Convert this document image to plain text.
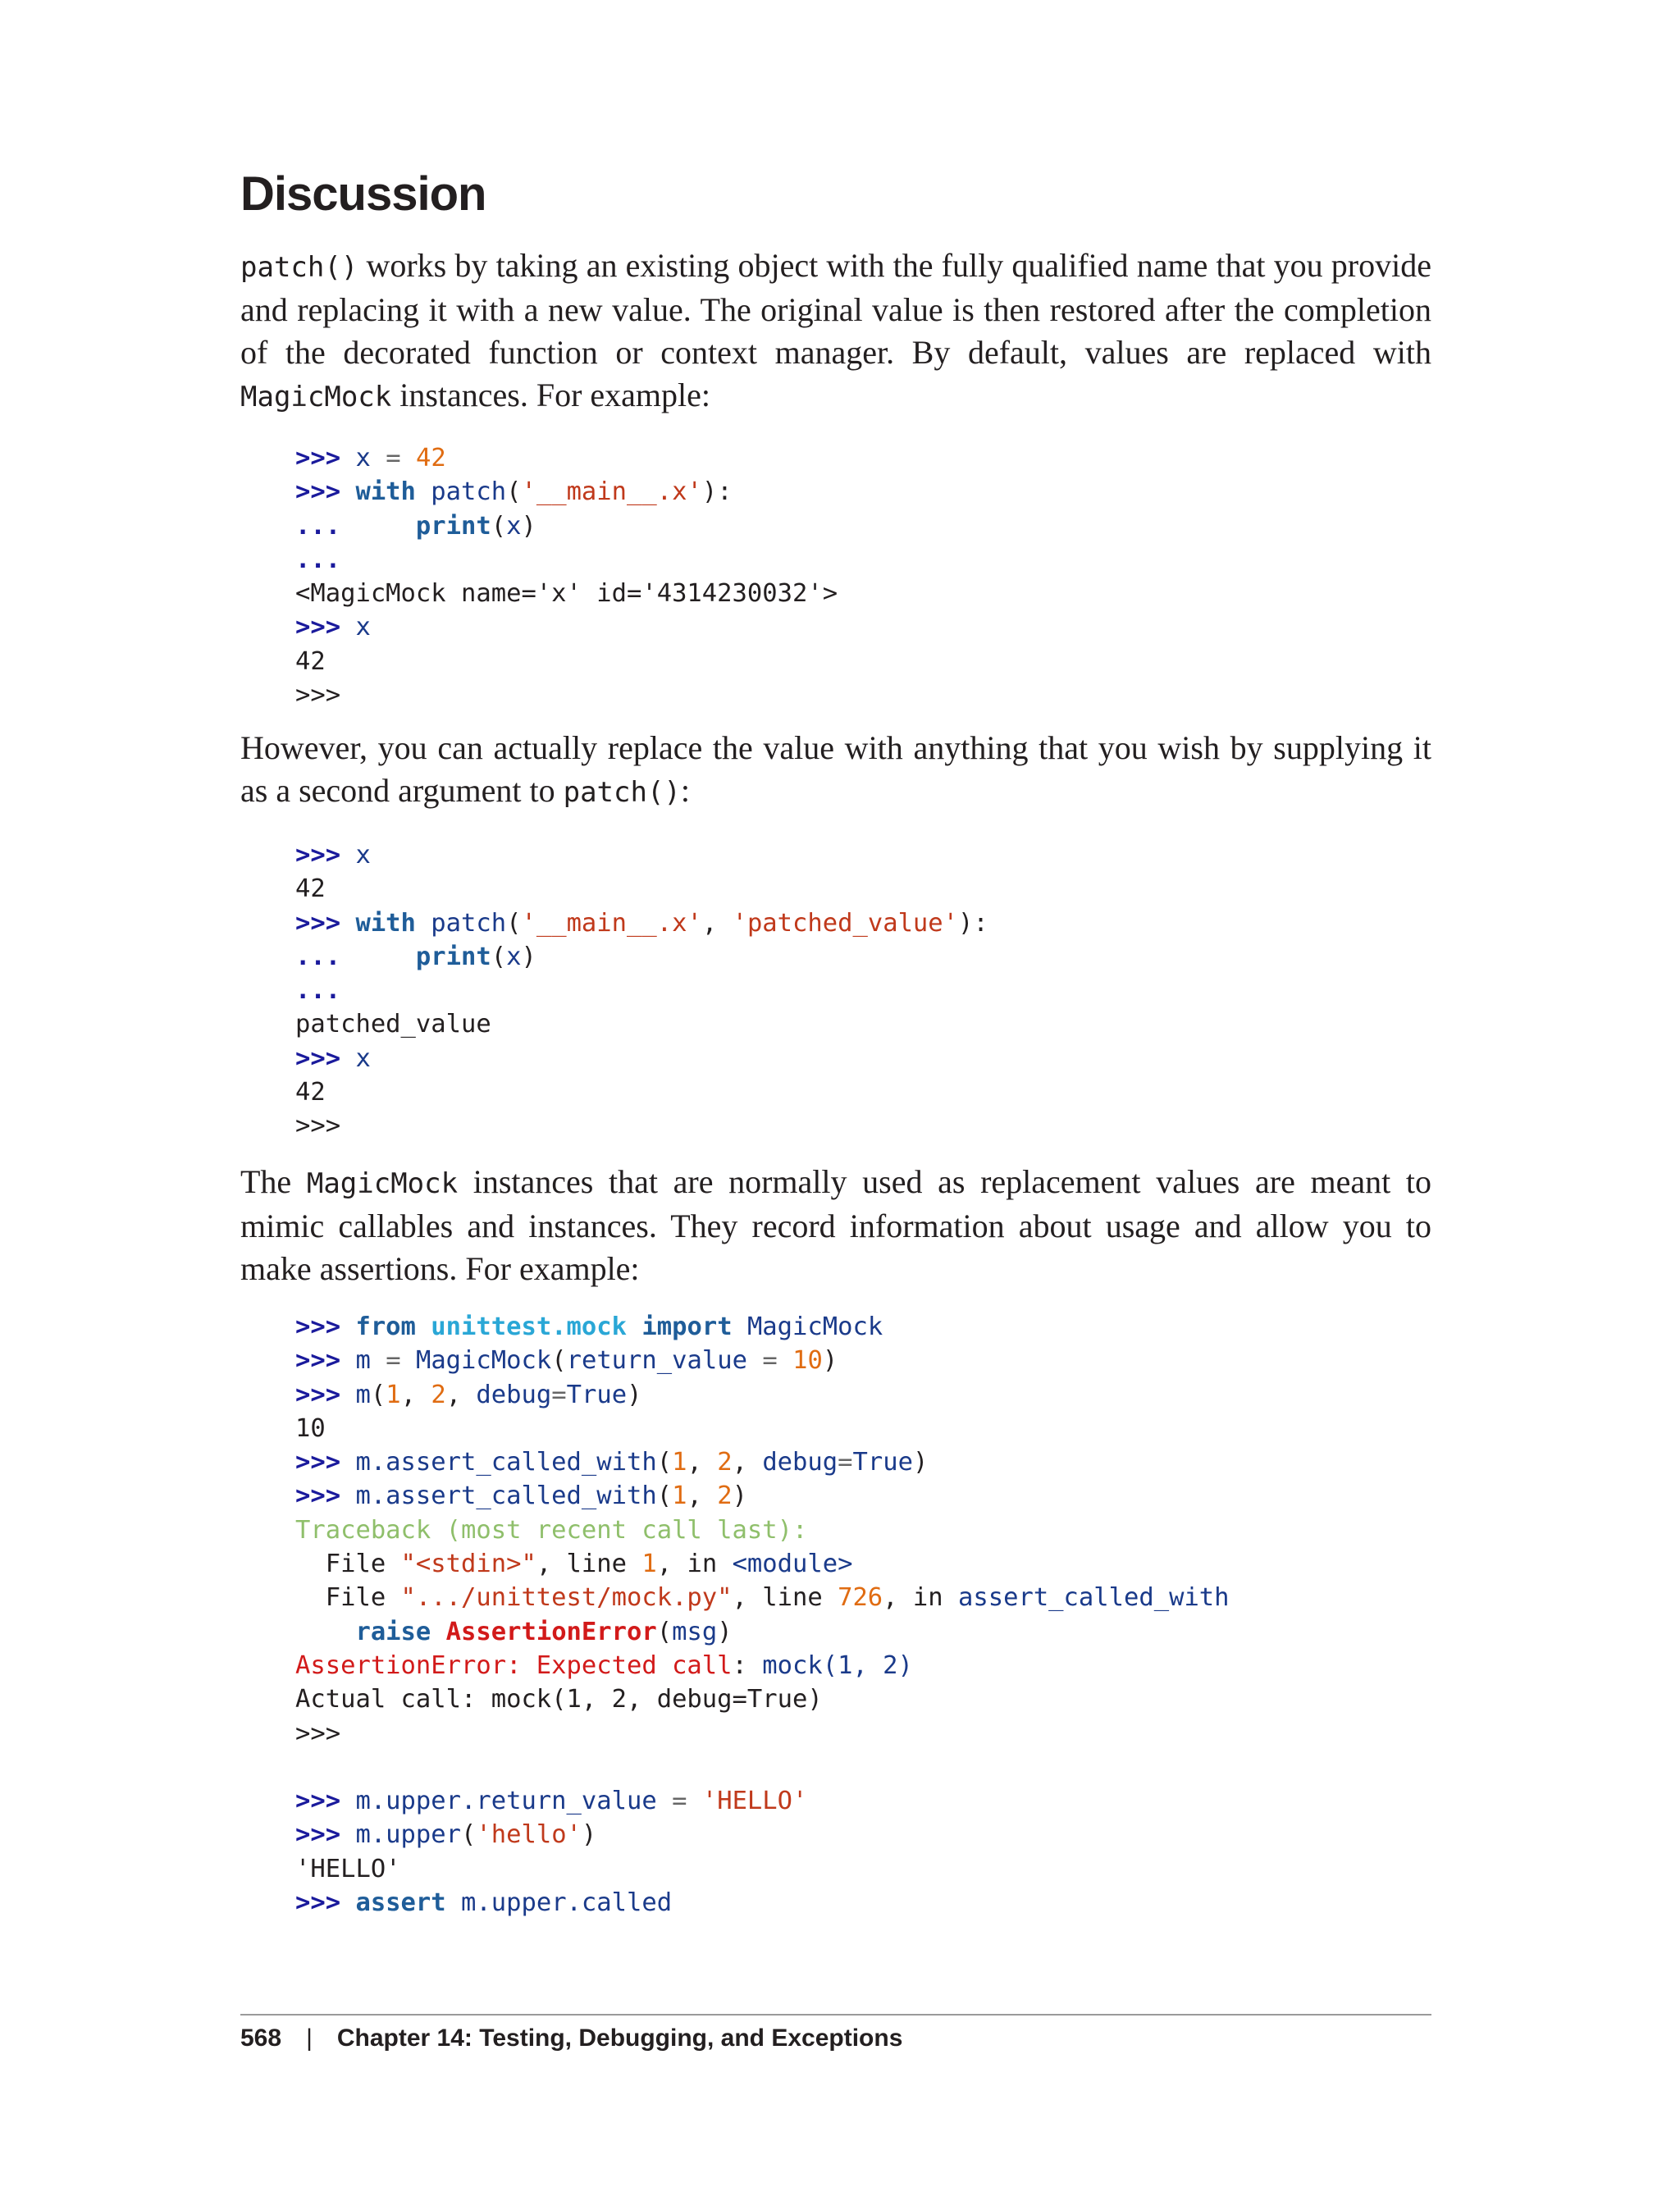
Discussion

patch() works by taking an existing object with the fully qualified name that you provide and replacing it with a new value. The original value is then restored after the completion of the decorated function or context manager. By default, values are replaced with MagicMock instances. For example:

>>> x = 42
>>> with patch('__main__.x'):
...     print(x)
...
<MagicMock name='x' id='4314230032'>
>>> x
42
>>>

However, you can actually replace the value with anything that you wish by supplying it as a second argument to patch():

>>> x
42
>>> with patch('__main__.x', 'patched_value'):
...     print(x)
...
patched_value
>>> x
42
>>>

The MagicMock instances that are normally used as replacement values are meant to mimic callables and instances. They record information about usage and allow you to make assertions. For example:

>>> from unittest.mock import MagicMock
>>> m = MagicMock(return_value = 10)
>>> m(1, 2, debug=True)
10
>>> m.assert_called_with(1, 2, debug=True)
>>> m.assert_called_with(1, 2)
Traceback (most recent call last):
File "<stdin>", line 1, in <module>
File ".../unittest/mock.py", line 726, in assert_called_with
raise AssertionError(msg)
AssertionError: Expected call: mock(1, 2)
Actual call: mock(1, 2, debug=True)
>>>

>>> m.upper.return_value = 'HELLO'
>>> m.upper('hello')
'HELLO'
>>> assert m.upper.called
568 | Chapter 14: Testing, Debugging, and Exceptions
